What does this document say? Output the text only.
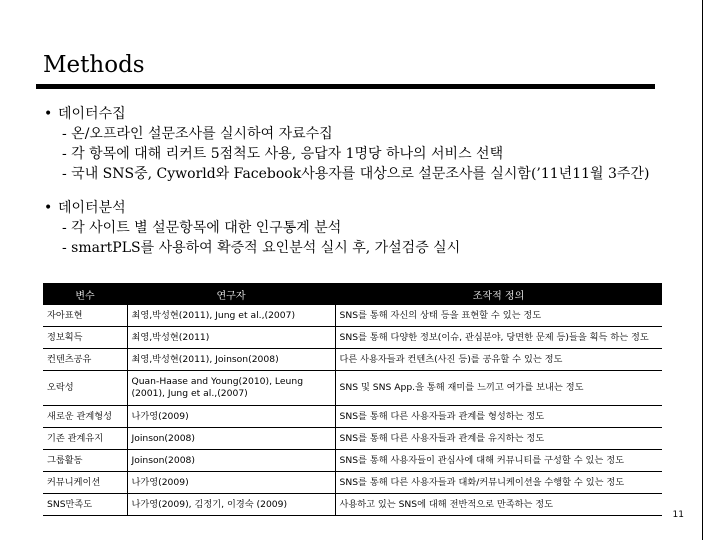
Methods
• 데이터수집
- 온/오프라인 설문조사를 실시하여 자료수집
- 각 항목에 대해 리커트 5점척도 사용, 응답자 1명당 하나의 서비스 선택
- 국내 SNS중, Cyworld와 Facebook사용자를 대상으로 설문조사를 실시함(’11년11월 3주간)
• 데이터분석
- 각 사이트 별 설문항목에 대한 인구통계 분석
- smartPLS를 사용하여 확증적 요인분석 실시 후, 가설검증 실시
변수	연구자	조작적 정의
자아표현	최영,박성현(2011), Jung et al.,(2007)	SNS를 통해 자신의 상태 등을 표현할 수 있는 정도
정보획득	최영,박성현(2011)	SNS를 통해 다양한 정보(이슈, 관심분야, 당면한 문제 등)들을 획득 하는 정도
컨텐츠공유	최영,박성현(2011), Joinson(2008)	다른 사용자들과 컨텐츠(사진 등)를 공유할 수 있는 정도
오락성	Quan-Haase and Young(2010), Leung (2001), Jung et al.,(2007)	SNS 및 SNS App.을 통해 재미를 느끼고 여가를 보내는 정도
새로운 관계형성	나가영(2009)	SNS를 통해 다른 사용자들과 관계를 형성하는 정도
기존 관계유지	Joinson(2008)	SNS를 통해 다른 사용자들과 관계를 유지하는 정도
그룹활동	Joinson(2008)	SNS를 통해 사용자들이 관심사에 대해 커뮤니티를 구성할 수 있는 정도
커뮤니케이션	나가영(2009)	SNS를 통해 다른 사용자들과 대화/커뮤니케이션을 수행할 수 있는 정도
SNS만족도	나가영(2009), 김정기, 이경숙 (2009)	사용하고 있는 SNS에 대해 전반적으로 만족하는 정도
11
